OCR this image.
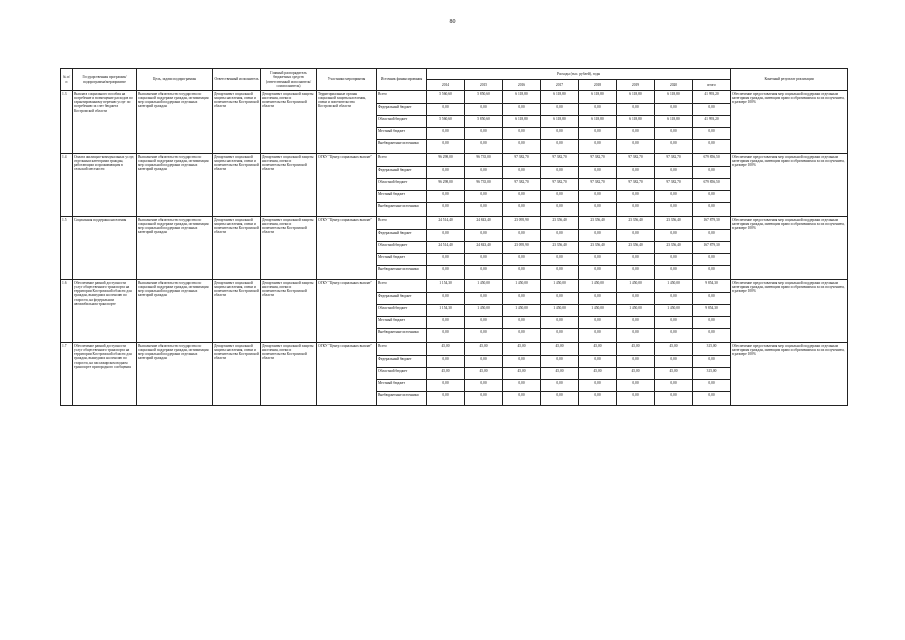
80
№ п/п	Государственная программа/подпрограмма/мероприятие	Цель, задачи подпрограммы	Ответственный исполнитель	Главный распорядитель бюджетных средств (ответственный исполнитель/соисполнитель)	Участники мероприятия	Источник финансирования	Расходы (тыс. рублей), годы								Конечный результат реализации
							2014	2015	2016	2017	2018	2019	2020	итого	
1.3	Выплата социального пособия на погребение и возмещение расходов по гарантированному перечню услуг по погребению за счет бюджета Костромской области	Выполнение обязательств государства по социальной поддержке граждан, оптимизация мер социальной поддержки отдельных категорий граждан	Департамент социальной защиты населения, опеки и попечительства Костромской области	Департамент социальной защиты населения, опеки и попечительства Костромской области	Территориальные органы социальной защиты населения, опеки и попечительства Костромской области	Всего	5 560,60	5 850,60	6 118,80	6 118,80	6 118,80	6 118,80	6 118,80	41 993,20	Обеспечение предоставления мер социальной поддержки отдельным категориям граждан, имеющим право и обратившимся за их получением, в размере 100%
						Федеральный бюджет	0,00	0,00	0,00	0,00	0,00	0,00	0,00	0,00	
						Областной бюджет	5 560,60	5 850,60	6 118,80	6 118,80	6 118,80	6 118,80	6 118,80	41 993,20	
						Местный бюджет	0,00	0,00	0,00	0,00	0,00	0,00	0,00	0,00	
						Внебюджетные источники	0,00	0,00	0,00	0,00	0,00	0,00	0,00	0,00	
1.4	Оплата жилищно-коммунальных услуг, отдельным категориям граждан, работающим и проживающим в сельской местности	Выполнение обязательств государства по социальной поддержке граждан, оптимизация мер социальной поддержки отдельных категорий граждан	Департамент социальной защиты населения, опеки и попечительства Костромской области	Департамент социальной защиты населения, опеки и попечительства Костромской области	ОГКУ "Центр социальных выплат"	Всего	96 298,00	96 735,00	97 382,70	97 382,70	97 382,70	97 382,70	97 382,70	679 856,50	Обеспечение предоставления мер социальной поддержки отдельным категориям граждан, имеющим право и обратившимся за их получением, в размере 100%
						Федеральный бюджет	0,00	0,00	0,00	0,00	0,00	0,00	0,00	0,00	
						Областной бюджет	96 298,00	96 735,00	97 382,70	97 382,70	97 382,70	97 382,70	97 382,70	679 856,50	
						Местный бюджет	0,00	0,00	0,00	0,00	0,00	0,00	0,00	0,00	
						Внебюджетные источники	0,00	0,00	0,00	0,00	0,00	0,00	0,00	0,00	
1.5	Социальная поддержка населения	Выполнение обязательств государства по социальной поддержке граждан, оптимизация мер социальной поддержки отдельных категорий граждан	Департамент социальной защиты населения, опеки и попечительства Костромской области	Департамент социальной защиты населения, опеки и попечительства Костромской области	ОГКУ "Центр социальных выплат"	Всего	24 514,40	24 843,40	23 095,90	23 356,40	23 356,40	23 356,40	23 356,40	167 879,30	Обеспечение предоставления мер социальной поддержки отдельным категориям граждан, имеющим право и обратившимся за их получением, в размере 100%
						Федеральный бюджет	0,00	0,00	0,00	0,00	0,00	0,00	0,00	0,00	
						Областной бюджет	24 514,40	24 843,40	23 095,90	23 356,40	23 356,40	23 356,40	23 356,40	167 879,30	
						Местный бюджет	0,00	0,00	0,00	0,00	0,00	0,00	0,00	0,00	
						Внебюджетные источники	0,00	0,00	0,00	0,00	0,00	0,00	0,00	0,00	
1.6	Обеспечение равной доступности услуг общественного транспорта на территории Костромской области для граждан, вышедших на пенсию по старости, на федеральном автомобильном транспорте	Выполнение обязательств государства по социальной поддержке граждан, оптимизация мер социальной поддержки отдельных категорий граждан	Департамент социальной защиты населения, опеки и попечительства Костромской области	Департамент социальной защиты населения, опеки и попечительства Костромской области	ОГКУ "Центр социальных выплат"	Всего	1 154,30	1 450,00	1 450,00	1 450,00	1 450,00	1 450,00	1 450,00	9 854,30	Обеспечение предоставления мер социальной поддержки отдельным категориям граждан, имеющим право и обратившимся за их получением, в размере 100%
						Федеральный бюджет	0,00	0,00	0,00	0,00	0,00	0,00	0,00	0,00	
						Областной бюджет	1 154,30	1 450,00	1 450,00	1 450,00	1 450,00	1 450,00	1 450,00	9 854,30	
						Местный бюджет	0,00	0,00	0,00	0,00	0,00	0,00	0,00	0,00	
						Внебюджетные источники	0,00	0,00	0,00	0,00	0,00	0,00	0,00	0,00	
1.7	Обеспечение равной доступности услуг общественного транспорта на территории Костромской области для граждан, вышедших на пенсию по старости, на пассажирском водном транспорте пригородного сообщения	Выполнение обязательств государства по социальной поддержке граждан, оптимизация мер социальной поддержки отдельных категорий граждан	Департамент социальной защиты населения, опеки и попечительства Костромской области	Департамент социальной защиты населения, опеки и попечительства Костромской области	ОГКУ "Центр социальных выплат"	Всего	45,00	45,00	45,00	45,00	45,00	45,00	45,00	315,00	Обеспечение предоставления мер социальной поддержки отдельным категориям граждан, имеющим право и обратившимся за их получением, в размере 100%
						Федеральный бюджет	0,00	0,00	0,00	0,00	0,00	0,00	0,00	0,00	
						Областной бюджет	45,00	45,00	45,00	45,00	45,00	45,00	45,00	315,00	
						Местный бюджет	0,00	0,00	0,00	0,00	0,00	0,00	0,00	0,00	
						Внебюджетные источники	0,00	0,00	0,00	0,00	0,00	0,00	0,00	0,00	
